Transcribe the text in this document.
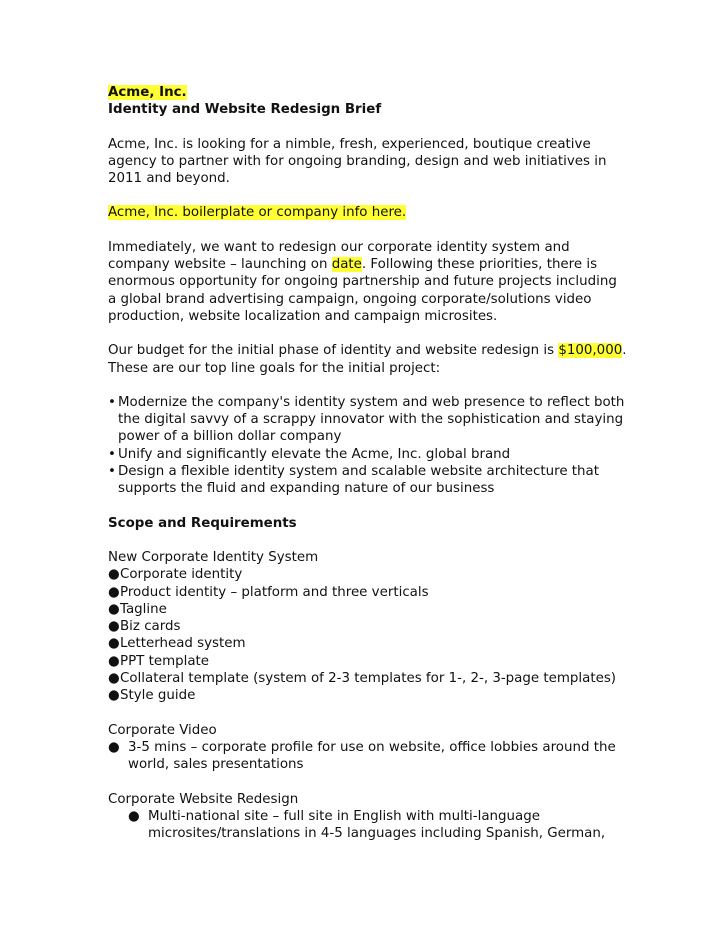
Acme, Inc.
Identity and Website Redesign Brief

Acme, Inc. is looking for a nimble, fresh, experienced, boutique creative agency to partner with for ongoing branding, design and web initiatives in 2011 and beyond.

Acme, Inc. boilerplate or company info here.

Immediately, we want to redesign our corporate identity system and company website – launching on date. Following these priorities, there is enormous opportunity for ongoing partnership and future projects including a global brand advertising campaign, ongoing corporate/solutions video production, website localization and campaign microsites.

Our budget for the initial phase of identity and website redesign is $100,000. These are our top line goals for the initial project:

• Modernize the company's identity system and web presence to reflect both the digital savvy of a scrappy innovator with the sophistication and staying power of a billion dollar company
• Unify and significantly elevate the Acme, Inc. global brand
• Design a flexible identity system and scalable website architecture that supports the fluid and expanding nature of our business
Scope and Requirements
New Corporate Identity System
● Corporate identity
● Product identity – platform and three verticals
● Tagline
● Biz cards
● Letterhead system
● PPT template
● Collateral template (system of 2-3 templates for 1-, 2-, 3-page templates)
● Style guide
Corporate Video
● 3-5 mins – corporate profile for use on website, office lobbies around the world, sales presentations
Corporate Website Redesign
● Multi-national site – full site in English with multi-language microsites/translations in 4-5 languages including Spanish, German,
